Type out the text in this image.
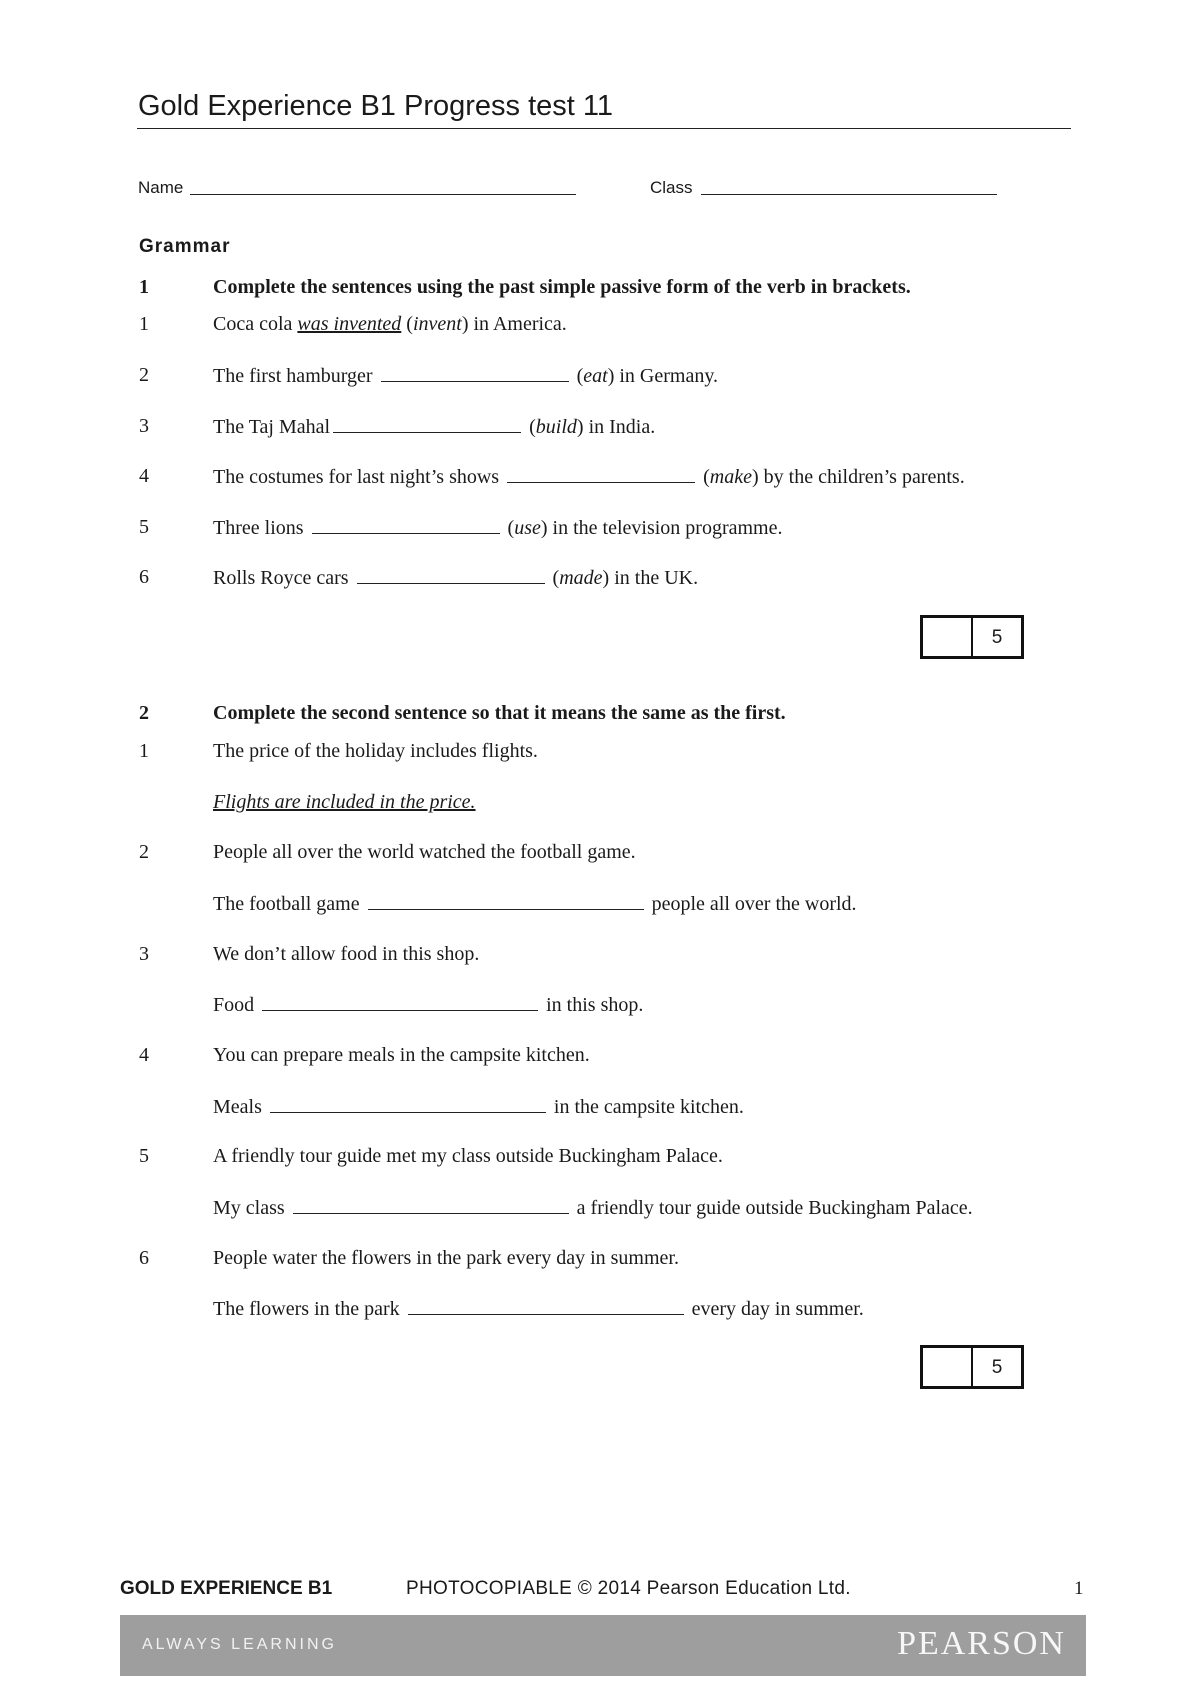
Gold Experience B1 Progress test 11
Name	Class
Grammar
1	Complete the sentences using the past simple passive form of the verb in brackets.
1	Coca cola was invented (invent) in America.
2	The first hamburger	(eat) in Germany.
3	The Taj Mahal	(build) in India.
4	The costumes for last night’s shows	(make) by the children’s parents.
5	Three lions	(use) in the television programme.
6	Rolls Royce cars	(made) in the UK.
5
2	Complete the second sentence so that it means the same as the first.
1	The price of the holiday includes flights.
Flights are included in the price.
2	People all over the world watched the football game.
The football game	people all over the world.
3	We don’t allow food in this shop.
Food	in this shop.
4	You can prepare meals in the campsite kitchen.
Meals	in the campsite kitchen.
5	A friendly tour guide met my class outside Buckingham Palace.
My class	a friendly tour guide outside Buckingham Palace.
6	People water the flowers in the park every day in summer.
The flowers in the park	every day in summer.
5
GOLD EXPERIENCE B1	PHOTOCOPIABLE © 2014 Pearson Education Ltd.	1
ALWAYS LEARNING	PEARSON
